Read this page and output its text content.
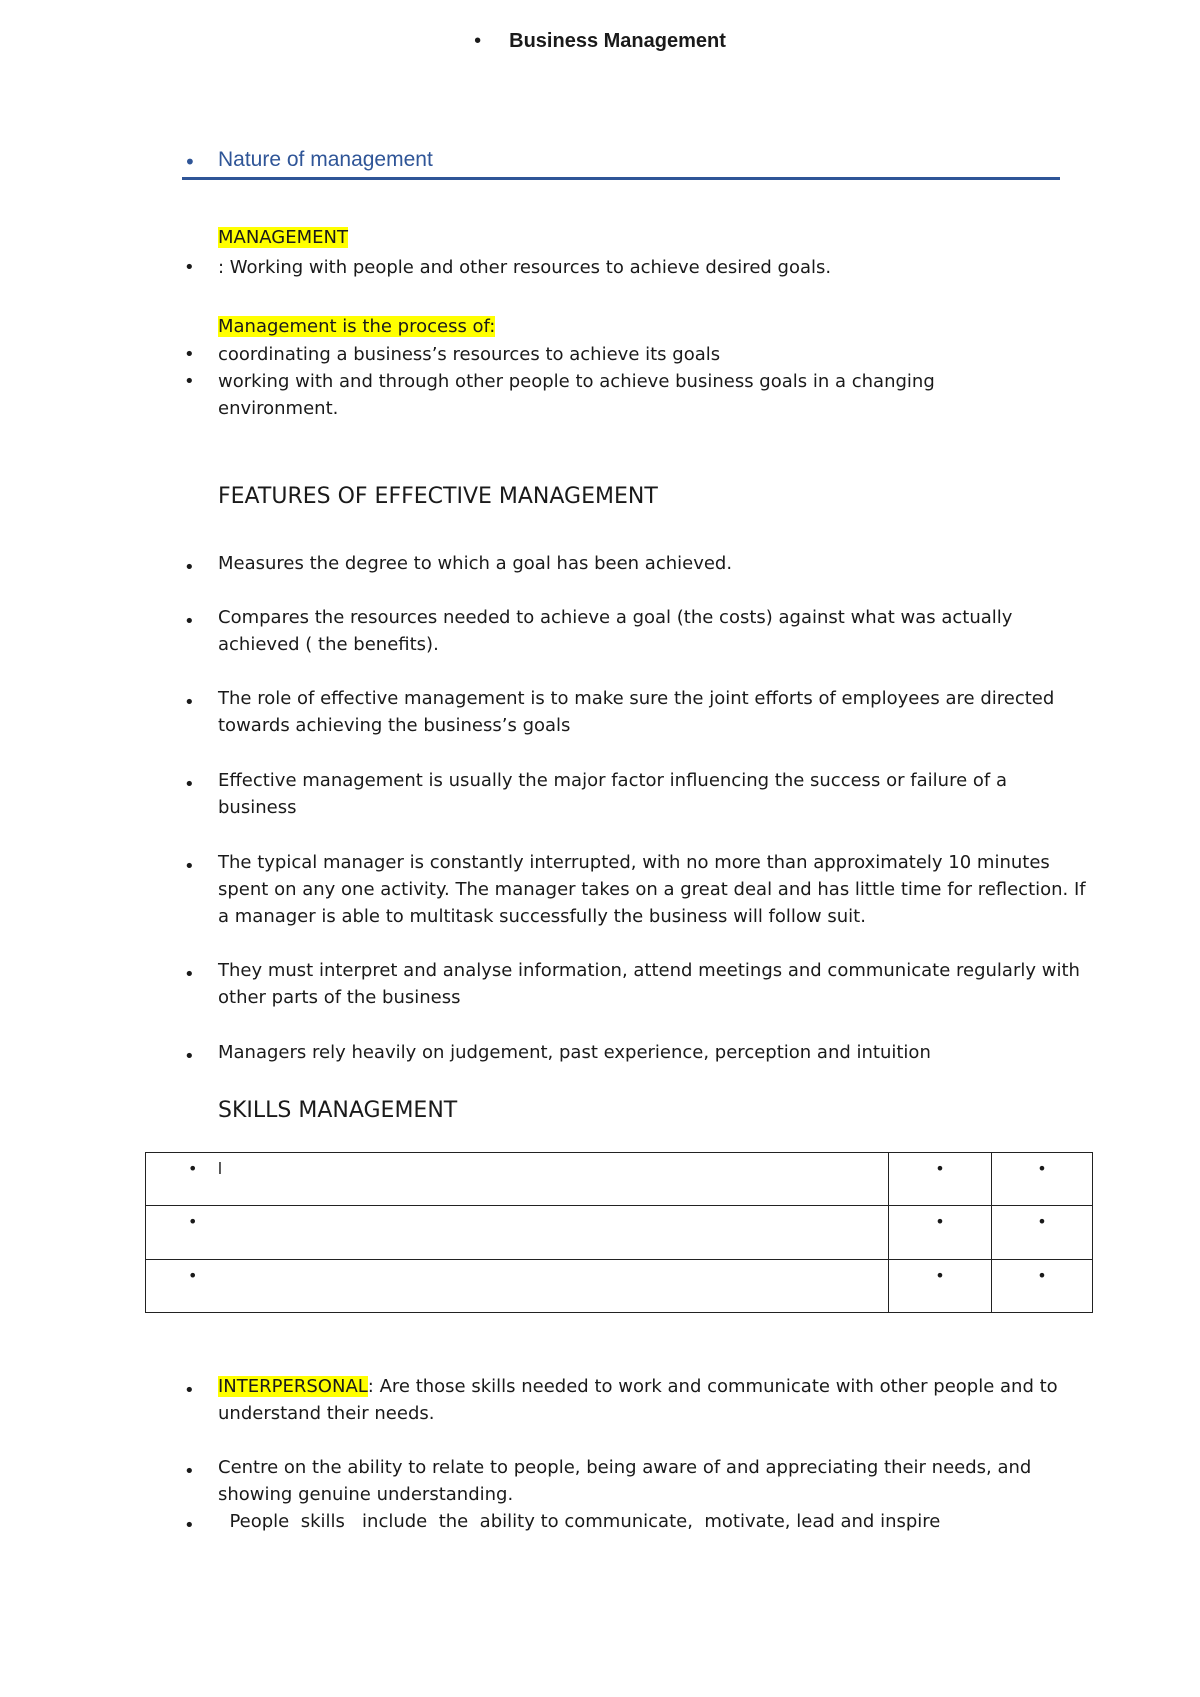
• Business Management
• Nature of management
MANAGEMENT
• : Working with people and other resources to achieve desired goals.
Management is the process of:
• coordinating a business’s resources to achieve its goals
• working with and through other people to achieve business goals in a changing environment.
FEATURES OF EFFECTIVE MANAGEMENT
• Measures the degree to which a goal has been achieved.
• Compares the resources needed to achieve a goal (the costs) against what was actually achieved ( the benefits).
• The role of effective management is to make sure the joint efforts of employees are directed towards achieving the business’s goals
• Effective management is usually the major factor influencing the success or failure of a business
• The typical manager is constantly interrupted, with no more than approximately 10 minutes spent on any one activity. The manager takes on a great deal and has little time for reflection. If a manager is able to multitask successfully the business will follow suit.
• They must interpret and analyse information, attend meetings and communicate regularly with other parts of the business
• Managers rely heavily on judgement, past experience, perception and intuition
SKILLS MANAGEMENT
• l	•	•
•	•	•
•	•	•
• INTERPERSONAL: Are those skills needed to work and communicate with other people and to understand their needs.
• Centre on the ability to relate to people, being aware of and appreciating their needs, and showing genuine understanding.
• People  skills   include  the  ability to communicate,  motivate, lead and inspire
